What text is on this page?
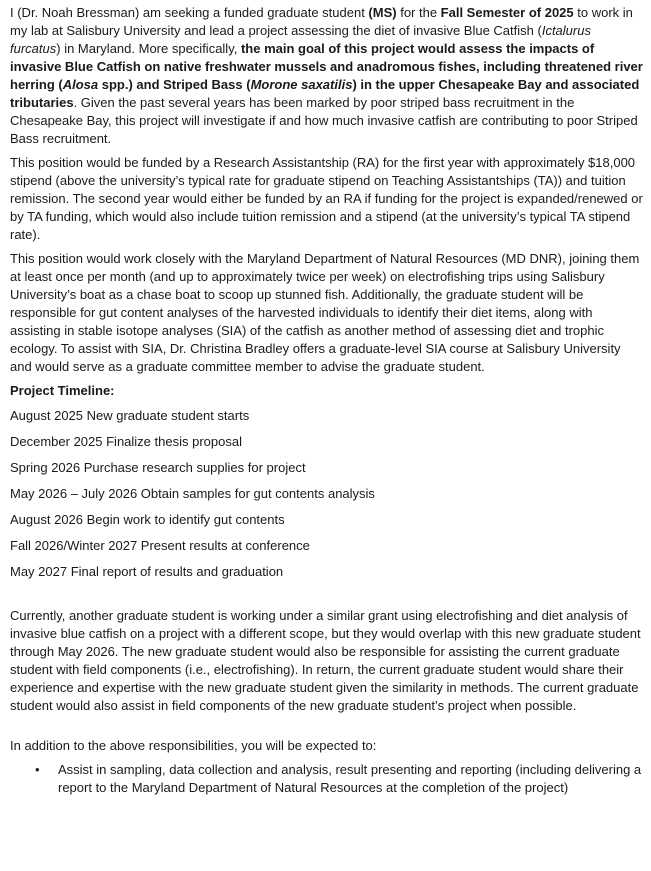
I (Dr. Noah Bressman) am seeking a funded graduate student (MS) for the Fall Semester of 2025 to work in my lab at Salisbury University and lead a project assessing the diet of invasive Blue Catfish (Ictalurus furcatus) in Maryland. More specifically, the main goal of this project would assess the impacts of invasive Blue Catfish on native freshwater mussels and anadromous fishes, including threatened river herring (Alosa spp.) and Striped Bass (Morone saxatilis) in the upper Chesapeake Bay and associated tributaries. Given the past several years has been marked by poor striped bass recruitment in the Chesapeake Bay, this project will investigate if and how much invasive catfish are contributing to poor Striped Bass recruitment.

This position would be funded by a Research Assistantship (RA) for the first year with approximately $18,000 stipend (above the university’s typical rate for graduate stipend on Teaching Assistantships (TA)) and tuition remission. The second year would either be funded by an RA if funding for the project is expanded/renewed or by TA funding, which would also include tuition remission and a stipend (at the university’s typical TA stipend rate).

This position would work closely with the Maryland Department of Natural Resources (MD DNR), joining them at least once per month (and up to approximately twice per week) on electrofishing trips using Salisbury University’s boat as a chase boat to scoop up stunned fish. Additionally, the graduate student will be responsible for gut content analyses of the harvested individuals to identify their diet items, along with assisting in stable isotope analyses (SIA) of the catfish as another method of assessing diet and trophic ecology. To assist with SIA, Dr. Christina Bradley offers a graduate-level SIA course at Salisbury University and would serve as a graduate committee member to advise the graduate student.

Project Timeline:
August 2025 New graduate student starts
December 2025 Finalize thesis proposal
Spring 2026 Purchase research supplies for project
May 2026 – July 2026 Obtain samples for gut contents analysis
August 2026 Begin work to identify gut contents
Fall 2026/Winter 2027 Present results at conference
May 2027 Final report of results and graduation

Currently, another graduate student is working under a similar grant using electrofishing and diet analysis of invasive blue catfish on a project with a different scope, but they would overlap with this new graduate student through May 2026. The new graduate student would also be responsible for assisting the current graduate student with field components (i.e., electrofishing). In return, the current graduate student would share their experience and expertise with the new graduate student given the similarity in methods. The current graduate student would also assist in field components of the new graduate student’s project when possible.

In addition to the above responsibilities, you will be expected to:

• Assist in sampling, data collection and analysis, result presenting and reporting (including delivering a report to the Maryland Department of Natural Resources at the completion of the project)
